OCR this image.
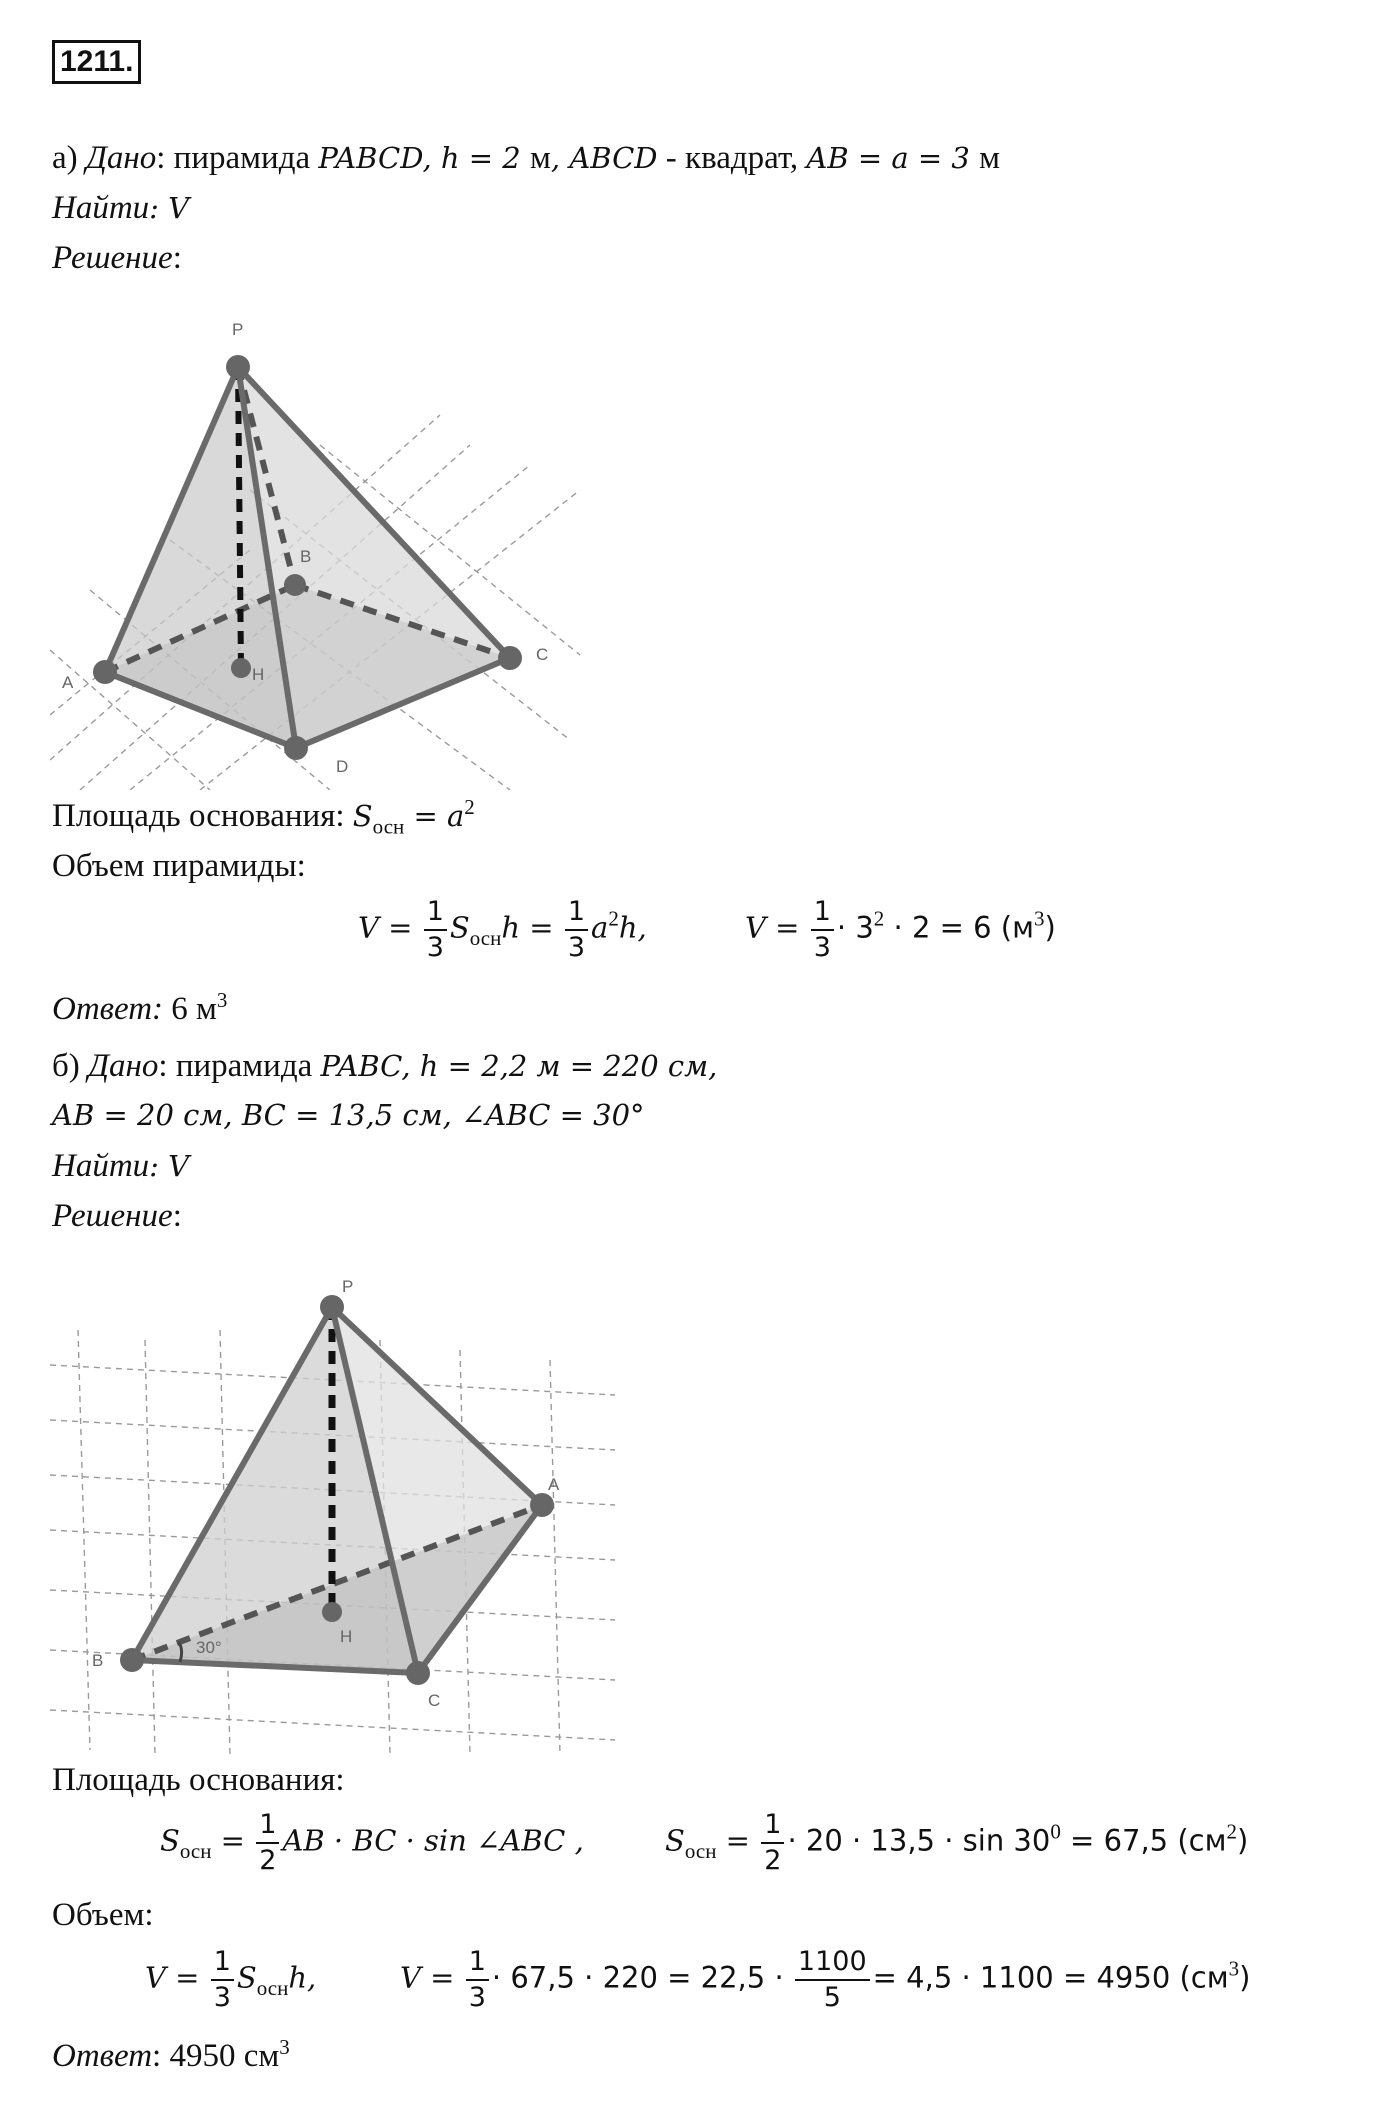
1211.
а) Дано: пирамида PABCD, h = 2 м, ABCD - квадрат, AB = a = 3 м
Найти: V
Решение:
P
B
C
A	H
D
Площадь основания: $S_{осн} = a^2$
Объем пирамиды:
$V = \frac{1}{3} S_{осн}h = \frac{1}{3} a^2h$,	$V = \frac{1}{3} \cdot 3^2 \cdot 2 = 6$ $(м^3)$
Ответ: 6 $м^3$
б) Дано: пирамида PABC, h = 2,2 м = 220 см,
AB = 20 см, BC = 13,5 см, ∠ABC = 30°
Найти: V
Решение:
P
A
H
B
C
30°
Площадь основания:
$S_{осн} = \frac{1}{2}$ AB · BC · sin ∠ABC ,	$S_{осн} = \frac{1}{2} \cdot 20 \cdot 13,5 \cdot \sin 30^0 = 67,5$ $(см^2)$
Объем:
$V = \frac{1}{3} S_{осн}h$,	$V = \frac{1}{3} \cdot 67,5 \cdot 220 = 22,5 \cdot \frac{1100}{5} = 4,5 \cdot 1100 = 4950$ $(см^3)$
Ответ: 4950 $см^3$
